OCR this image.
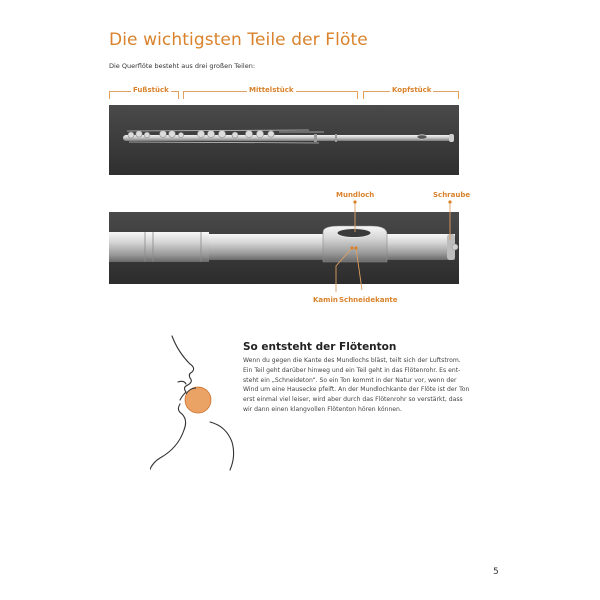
Die wichtigsten Teile der Flöte
Die Querflöte besteht aus drei großen Teilen:
Fußstück	Mittelstück	Kopfstück
Mundloch	Schraube
Kamin Schneidekante
So entsteht der Flötenton
Wenn du gegen die Kante des Mundlochs bläst, teilt sich der Luftstrom.
Ein Teil geht darüber hinweg und ein Teil geht in das Flötenrohr. Es ent-
steht ein „Schneideton“. So ein Ton kommt in der Natur vor, wenn der
Wind um eine Hausecke pfeift. An der Mundlochkante der Flöte ist der Ton
erst einmal viel leiser, wird aber durch das Flötenrohr so verstärkt, dass
wir dann einen klangvollen Flötenton hören können.
5
